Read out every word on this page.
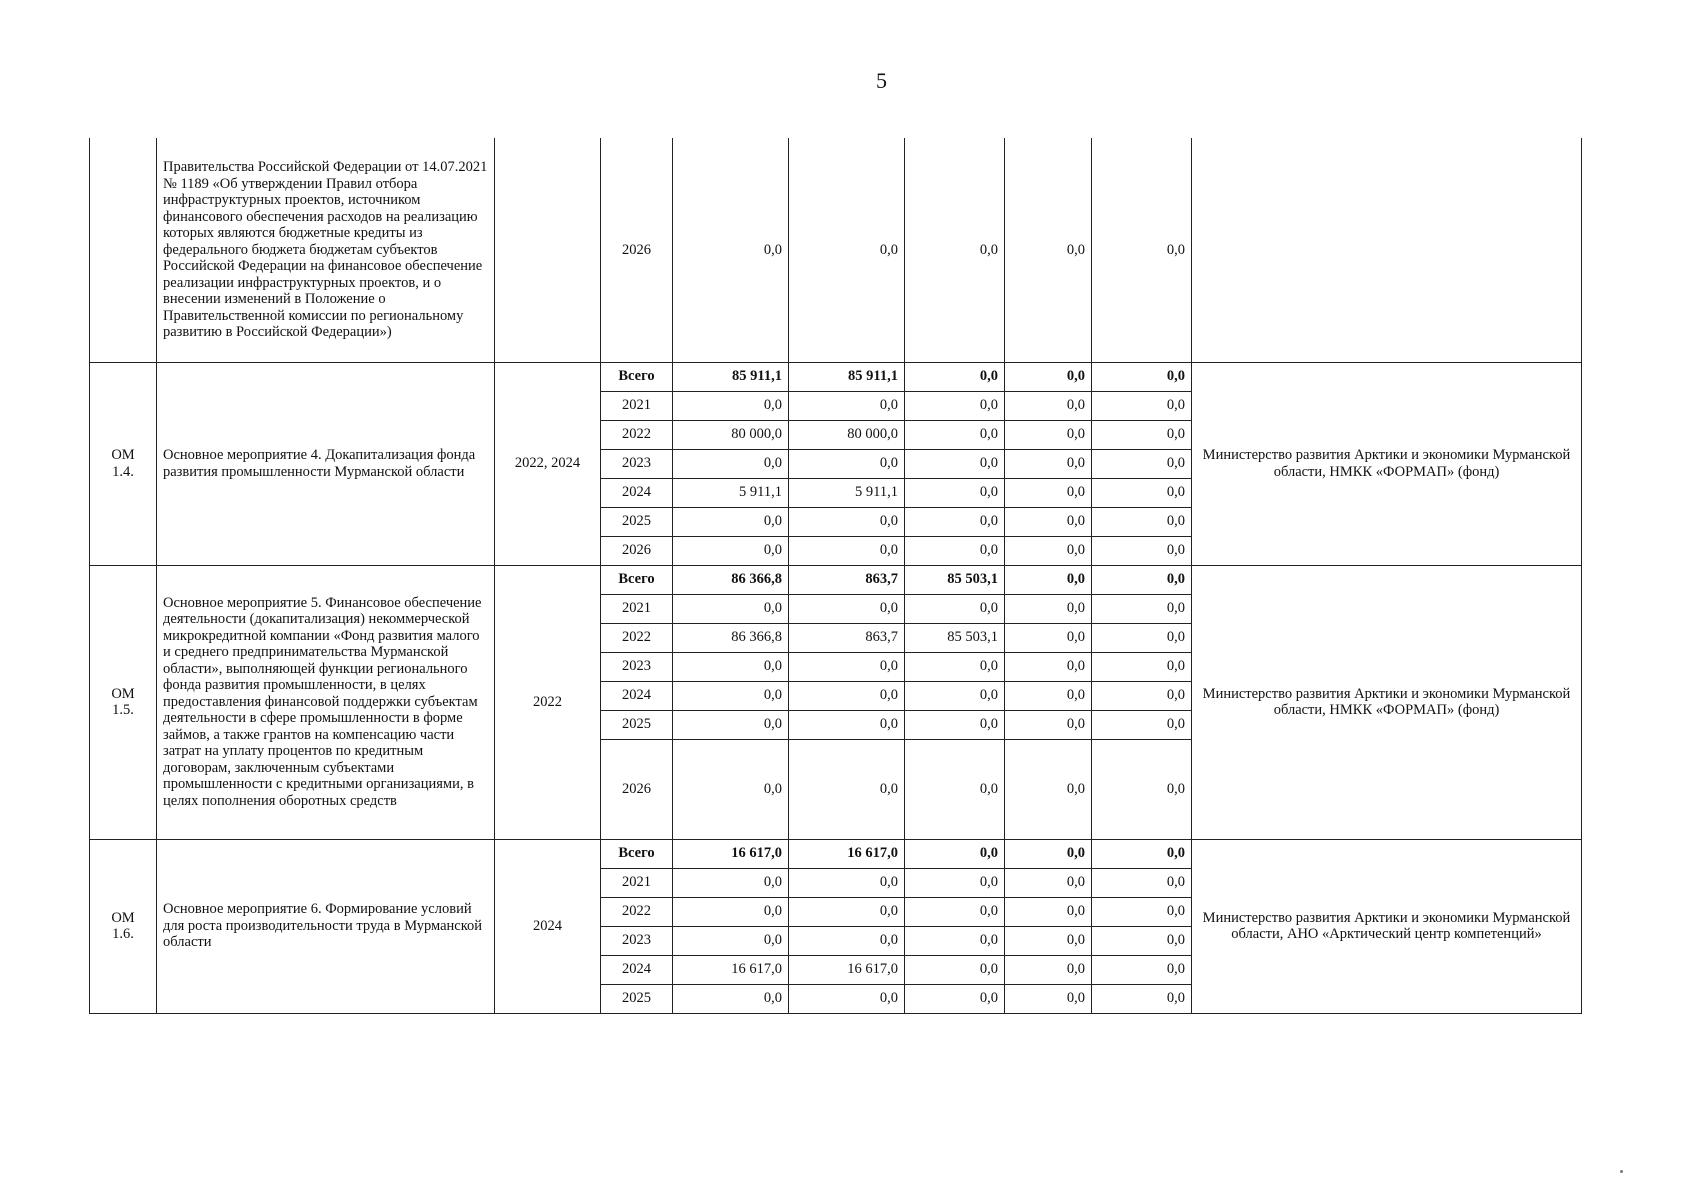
5
	Правительства Российской Федерации от 14.07.2021 № 1189 «Об утверждении Правил отбора инфраструктурных проектов, источником финансового обеспечения расходов на реализацию которых являются бюджетные кредиты из федерального бюджета бюджетам субъектов Российской Федерации на финансовое обеспечение реализации инфраструктурных проектов, и о внесении изменений в Положение о Правительственной комиссии по региональному развитию в Российской Федерации»)		2026	0,0	0,0	0,0	0,0	0,0	
ОМ
1.4.	Основное мероприятие 4. Докапитализация фонда развития промышленности Мурманской области	2022, 2024	Всего	85 911,1	85 911,1	0,0	0,0	0,0	Министерство развития Арктики и экономики Мурманской области, НМКК «ФОРМАП» (фонд)
			2021	0,0	0,0	0,0	0,0	0,0	
			2022	80 000,0	80 000,0	0,0	0,0	0,0	
			2023	0,0	0,0	0,0	0,0	0,0	
			2024	5 911,1	5 911,1	0,0	0,0	0,0	
			2025	0,0	0,0	0,0	0,0	0,0	
			2026	0,0	0,0	0,0	0,0	0,0	
ОМ
1.5.	Основное мероприятие 5. Финансовое обеспечение деятельности (докапитализация) некоммерческой микрокредитной компании «Фонд развития малого и среднего предпринимательства Мурманской области», выполняющей функции регионального фонда развития промышленности, в целях предоставления финансовой поддержки субъектам деятельности в сфере промышленности в форме займов, а также грантов на компенсацию части затрат на уплату процентов по кредитным договорам, заключенным субъектами промышленности с кредитными организациями, в целях пополнения оборотных средств	2022	Всего	86 366,8	863,7	85 503,1	0,0	0,0	Министерство развития Арктики и экономики Мурманской области, НМКК «ФОРМАП» (фонд)
			2021	0,0	0,0	0,0	0,0	0,0	
			2022	86 366,8	863,7	85 503,1	0,0	0,0	
			2023	0,0	0,0	0,0	0,0	0,0	
			2024	0,0	0,0	0,0	0,0	0,0	
			2025	0,0	0,0	0,0	0,0	0,0	
			2026	0,0	0,0	0,0	0,0	0,0	
ОМ
1.6.	Основное мероприятие 6. Формирование условий для роста производительности труда в Мурманской области	2024	Всего	16 617,0	16 617,0	0,0	0,0	0,0	Министерство развития Арктики и экономики Мурманской области, АНО «Арктический центр компетенций»
			2021	0,0	0,0	0,0	0,0	0,0	
			2022	0,0	0,0	0,0	0,0	0,0	
			2023	0,0	0,0	0,0	0,0	0,0	
			2024	16 617,0	16 617,0	0,0	0,0	0,0	
			2025	0,0	0,0	0,0	0,0	0,0	
